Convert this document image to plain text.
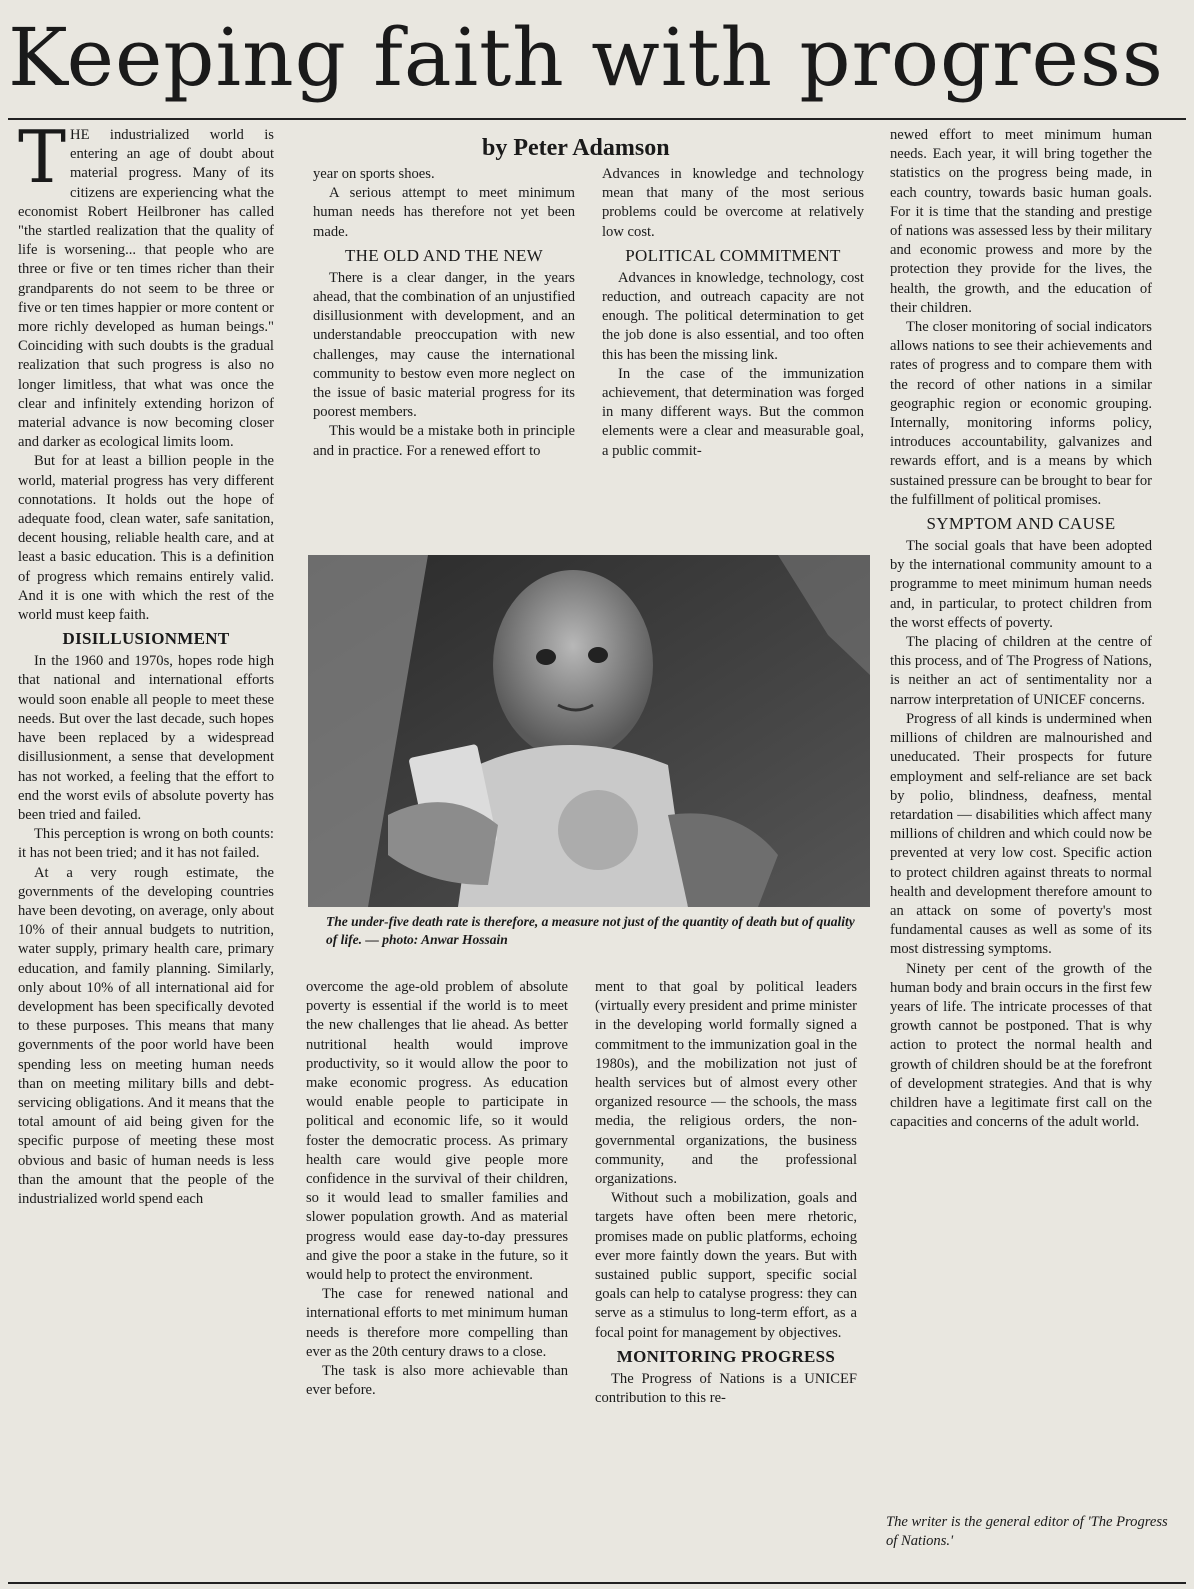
Keeping faith with progress
by Peter Adamson
T HE industrialized world is entering an age of doubt about material progress. Many of its citizens are experiencing what the economist Robert Heilbroner has called "the startled realization that the quality of life is worsening... that people who are three or five or ten times richer than their grandparents do not seem to be three or five or ten times happier or more content or more richly developed as human beings." Coinciding with such doubts is the gradual realization that such progress is also no longer limitless, that what was once the clear and infinitely extending horizon of material advance is now becoming closer and darker as ecological limits loom.

But for at least a billion people in the world, material progress has very different connotations. It holds out the hope of adequate food, clean water, safe sanitation, decent housing, reliable health care, and at least a basic education. This is a definition of progress which remains entirely valid. And it is one with which the rest of the world must keep faith.

DISILLUSIONMENT

In the 1960 and 1970s, hopes rode high that national and international efforts would soon enable all people to meet these needs. But over the last decade, such hopes have been replaced by a widespread disillusionment, a sense that development has not worked, a feeling that the effort to end the worst evils of absolute poverty has been tried and failed.

This perception is wrong on both counts: it has not been tried; and it has not failed.

At a very rough estimate, the governments of the developing countries have been devoting, on average, only about 10% of their annual budgets to nutrition, water supply, primary health care, primary education, and family planning. Similarly, only about 10% of all international aid for development has been specifically devoted to these purposes. This means that many governments of the poor world have been spending less on meeting human needs than on meeting military bills and debt-servicing obligations. And it means that the total amount of aid being given for the specific purpose of meeting these most obvious and basic of human needs is less than the amount that the people of the industrialized world spend each

year on sports shoes.

A serious attempt to meet minimum human needs has therefore not yet been made.

THE OLD AND THE NEW

There is a clear danger, in the years ahead, that the combination of an unjustified disillusionment with development, and an understandable preoccupation with new challenges, may cause the international community to bestow even more neglect on the issue of basic material progress for its poorest members.

This would be a mistake both in principle and in practice. For a renewed effort to

Advances in knowledge and technology mean that many of the most serious problems could be overcome at relatively low cost.

POLITICAL COMMITMENT

Advances in knowledge, technology, cost reduction, and outreach capacity are not enough. The political determination to get the job done is also essential, and too often this has been the missing link.

In the case of the immunization achievement, that determination was forged in many different ways. But the common elements were a clear and measurable goal, a public commit-

The under-five death rate is therefore, a measure not just of the quantity of death but of quality of life. — photo: Anwar Hossain

overcome the age-old problem of absolute poverty is essential if the world is to meet the new challenges that lie ahead. As better nutritional health would improve productivity, so it would allow the poor to make economic progress. As education would enable people to participate in political and economic life, so it would foster the democratic process. As primary health care would give people more confidence in the survival of their children, so it would lead to smaller families and slower population growth. And as material progress would ease day-to-day pressures and give the poor a stake in the future, so it would help to protect the environment.

The case for renewed national and international efforts to met minimum human needs is therefore more compelling than ever as the 20th century draws to a close.

The task is also more achievable than ever before.

ment to that goal by political leaders (virtually every president and prime minister in the developing world formally signed a commitment to the immunization goal in the 1980s), and the mobilization not just of health services but of almost every other organized resource — the schools, the mass media, the religious orders, the non-governmental organizations, the business community, and the professional organizations.

Without such a mobilization, goals and targets have often been mere rhetoric, promises made on public platforms, echoing ever more faintly down the years. But with sustained public support, specific social goals can help to catalyse progress: they can serve as a stimulus to long-term effort, as a focal point for management by objectives.

MONITORING PROGRESS

The Progress of Nations is a UNICEF contribution to this re-

newed effort to meet minimum human needs. Each year, it will bring together the statistics on the progress being made, in each country, towards basic human goals. For it is time that the standing and prestige of nations was assessed less by their military and economic prowess and more by the protection they provide for the lives, the health, the growth, and the education of their children.

The closer monitoring of social indicators allows nations to see their achievements and rates of progress and to compare them with the record of other nations in a similar geographic region or economic grouping. Internally, monitoring informs policy, introduces accountability, galvanizes and rewards effort, and is a means by which sustained pressure can be brought to bear for the fulfillment of political promises.

SYMPTOM AND CAUSE

The social goals that have been adopted by the international community amount to a programme to meet minimum human needs and, in particular, to protect children from the worst effects of poverty.

The placing of children at the centre of this process, and of The Progress of Nations, is neither an act of sentimentality nor a narrow interpretation of UNICEF concerns.

Progress of all kinds is undermined when millions of children are malnourished and uneducated. Their prospects for future employment and self-reliance are set back by polio, blindness, deafness, mental retardation — disabilities which affect many millions of children and which could now be prevented at very low cost. Specific action to protect children against threats to normal health and development therefore amount to an attack on some of poverty's most fundamental causes as well as some of its most distressing symptoms.

Ninety per cent of the growth of the human body and brain occurs in the first few years of life. The intricate processes of that growth cannot be postponed. That is why action to protect the normal health and growth of children should be at the forefront of development strategies. And that is why children have a legitimate first call on the capacities and concerns of the adult world.

The writer is the general editor of 'The Progress of Nations.'
